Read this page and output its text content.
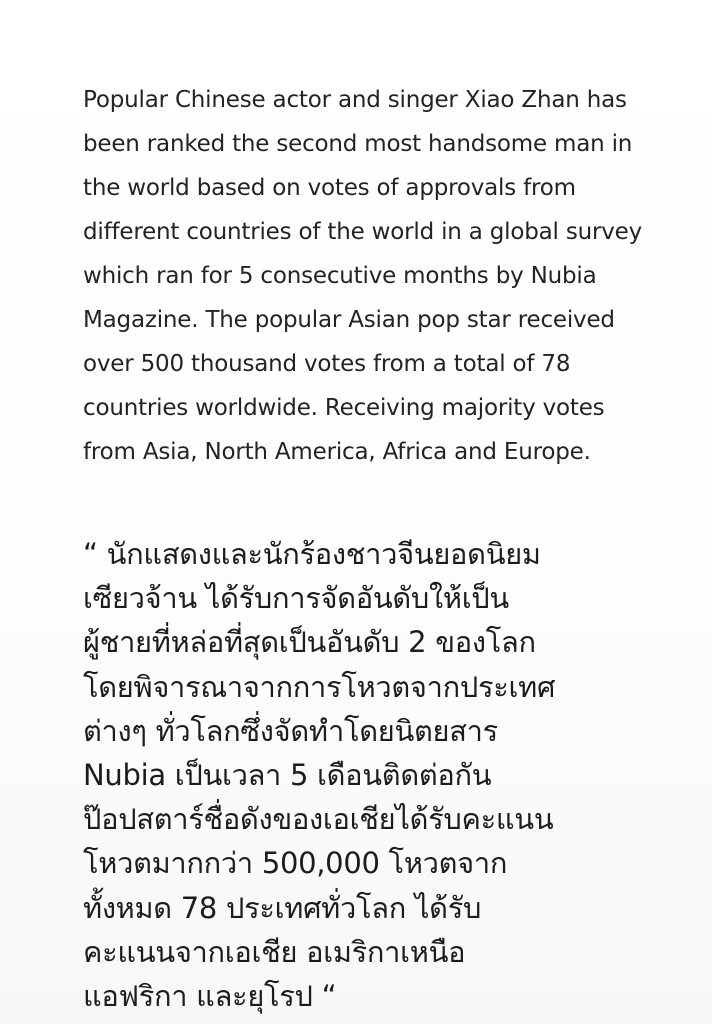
Popular Chinese actor and singer Xiao Zhan has
been ranked the second most handsome man in
the world based on votes of approvals from
different countries of the world in a global survey
which ran for 5 consecutive months by Nubia
Magazine. The popular Asian pop star received
over 500 thousand votes from a total of 78
countries worldwide. Receiving majority votes
from Asia, North America, Africa and Europe.

“ นักแสดงและนักร้องชาวจีนยอดนิยม
เซียวจ้าน ได้รับการจัดอันดับให้เป็น
ผู้ชายที่หล่อที่สุดเป็นอันดับ 2 ของโลก
โดยพิจารณาจากการโหวตจากประเทศ
ต่างๆ ทั่วโลกซึ่งจัดทำโดยนิตยสาร
Nubia เป็นเวลา 5 เดือนติดต่อกัน
ป๊อปสตาร์ชื่อดังของเอเชียได้รับคะแนน
โหวตมากกว่า 500,000 โหวตจาก
ทั้งหมด 78 ประเทศทั่วโลก ได้รับ
คะแนนจากเอเชีย อเมริกาเหนือ
แอฟริกา และยุโรป “
